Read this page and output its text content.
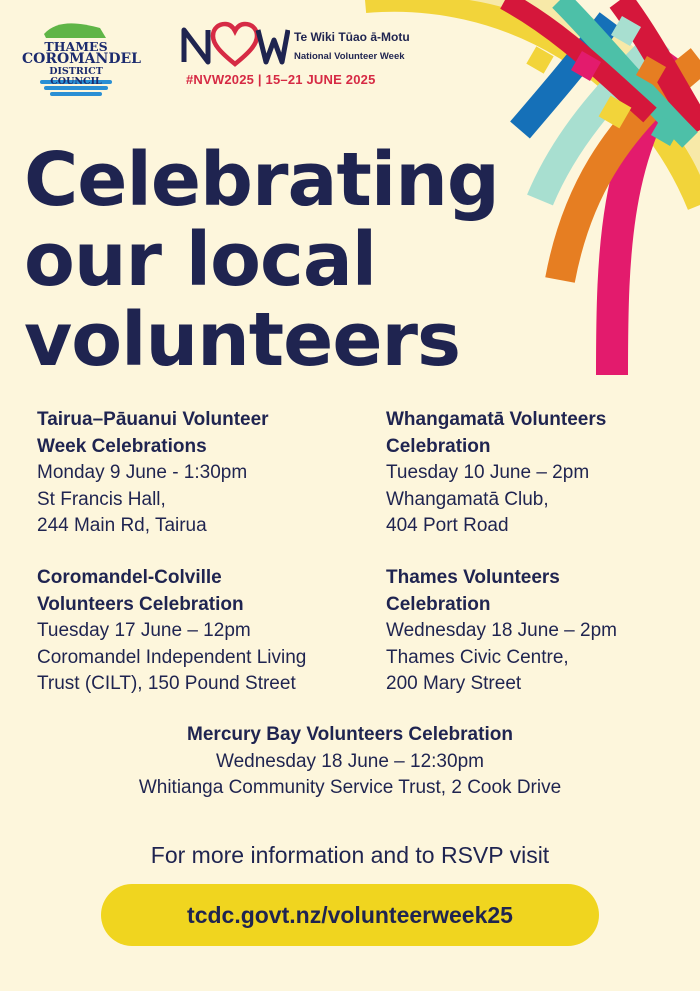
THAMES
COROMANDEL
DISTRICT COUNCIL
Te Wiki Tūao ā-Motu
National Volunteer Week
#NVW2025 | 15–21 JUNE 2025
Celebrating
our local
volunteers
Tairua–Pāuanui Volunteer
Week Celebrations
Monday 9 June - 1:30pm
St Francis Hall,
244 Main Rd, Tairua
Whangamatā Volunteers
Celebration
Tuesday 10 June – 2pm
Whangamatā Club,
404 Port Road
Coromandel-Colville
Volunteers Celebration
Tuesday 17 June – 12pm
Coromandel Independent Living
Trust (CILT), 150 Pound Street
Thames Volunteers
Celebration
Wednesday 18 June – 2pm
Thames Civic Centre,
200 Mary Street
Mercury Bay Volunteers Celebration
Wednesday 18 June – 12:30pm
Whitianga Community Service Trust, 2 Cook Drive
For more information and to RSVP visit
tcdc.govt.nz/volunteerweek25
